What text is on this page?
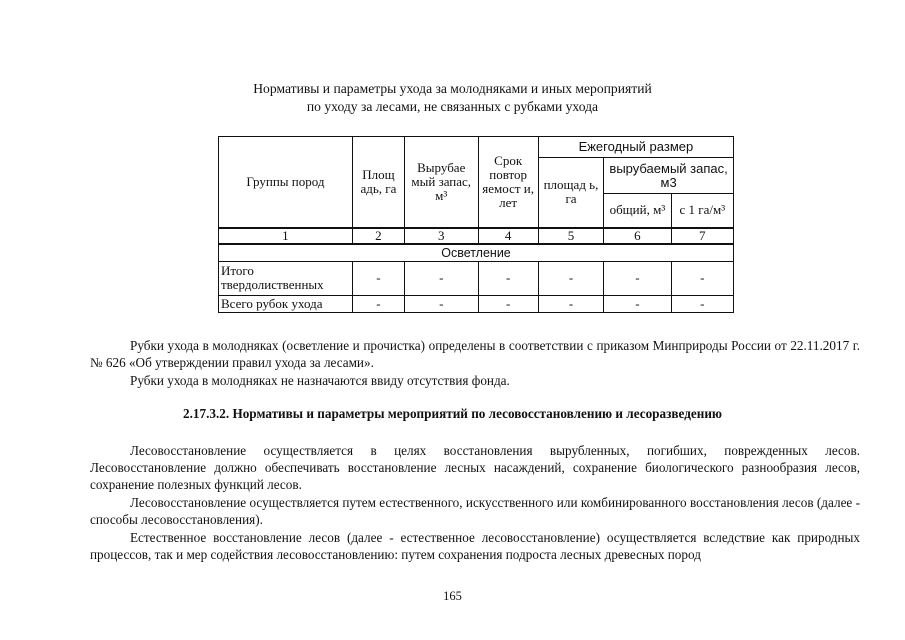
Нормативы и параметры ухода за молодняками и иных мероприятий
по уходу за лесами, не связанных с рубками ухода
Группы пород	Площ адь, га	Вырубае мый запас, м³	Срок повтор яемост и, лет	Ежегодный размер		
				площад ь, га	вырубаемый запас, м3	
					общий, м³	с 1 га/м³
1	2	3	4	5	6	7
Осветление						
Итого твердолиственных	-	-	-	-	-	-
Всего рубок ухода	-	-	-	-	-	-
Рубки ухода в молодняках (осветление и прочистка) определены в соответствии с приказом Минприроды России от 22.11.2017 г. № 626 «Об утверждении правил ухода за лесами».
Рубки ухода в молодняках не назначаются ввиду отсутствия фонда.
2.17.3.2. Нормативы и параметры мероприятий по лесовосстановлению и лесоразведению
Лесовосстановление осуществляется в целях восстановления вырубленных, погибших, поврежденных лесов. Лесовосстановление должно обеспечивать восстановление лесных насаждений, сохранение биологического разнообразия лесов, сохранение полезных функций лесов.
Лесовосстановление осуществляется путем естественного, искусственного или комбинированного восстановления лесов (далее - способы лесовосстановления).
Естественное восстановление лесов (далее - естественное лесовосстановление) осуществляется вследствие как природных процессов, так и мер содействия лесовосстановлению: путем сохранения подроста лесных древесных пород
165
